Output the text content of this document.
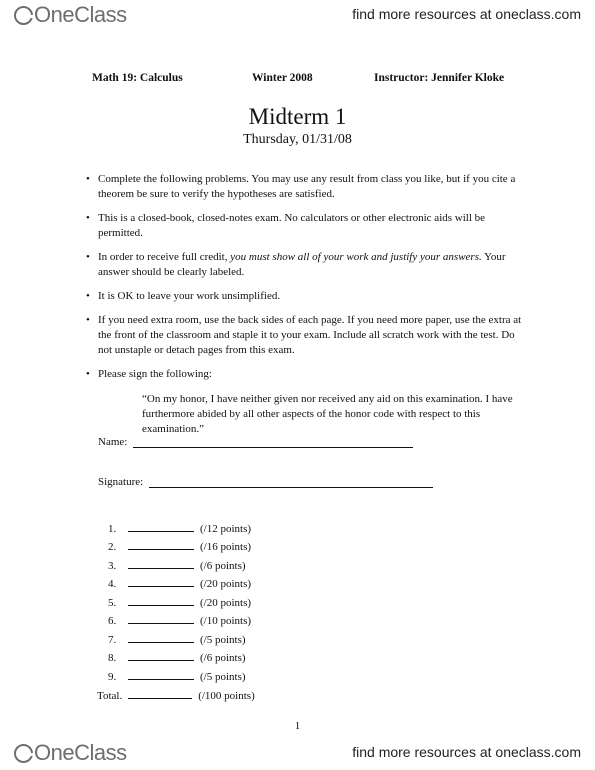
OneClass	find more resources at oneclass.com
Math 19: Calculus	Winter 2008	Instructor: Jennifer Kloke
Midterm 1
Thursday, 01/31/08
• Complete the following problems. You may use any result from class you like, but if you cite a theorem be sure to verify the hypotheses are satisfied.
• This is a closed-book, closed-notes exam. No calculators or other electronic aids will be permitted.
• In order to receive full credit, you must show all of your work and justify your answers. Your answer should be clearly labeled.
• It is OK to leave your work unsimplified.
• If you need extra room, use the back sides of each page. If you need more paper, use the extra at the front of the classroom and staple it to your exam. Include all scratch work with the test. Do not unstaple or detach pages from this exam.
• Please sign the following:
“On my honor, I have neither given nor received any aid on this examination. I have furthermore abided by all other aspects of the honor code with respect to this examination.”
Name:
Signature:
1.	(/12 points)
2.	(/16 points)
3.	(/6 points)
4.	(/20 points)
5.	(/20 points)
6.	(/10 points)
7.	(/5 points)
8.	(/6 points)
9.	(/5 points)
Total.	(/100 points)
1
OneClass	find more resources at oneclass.com
